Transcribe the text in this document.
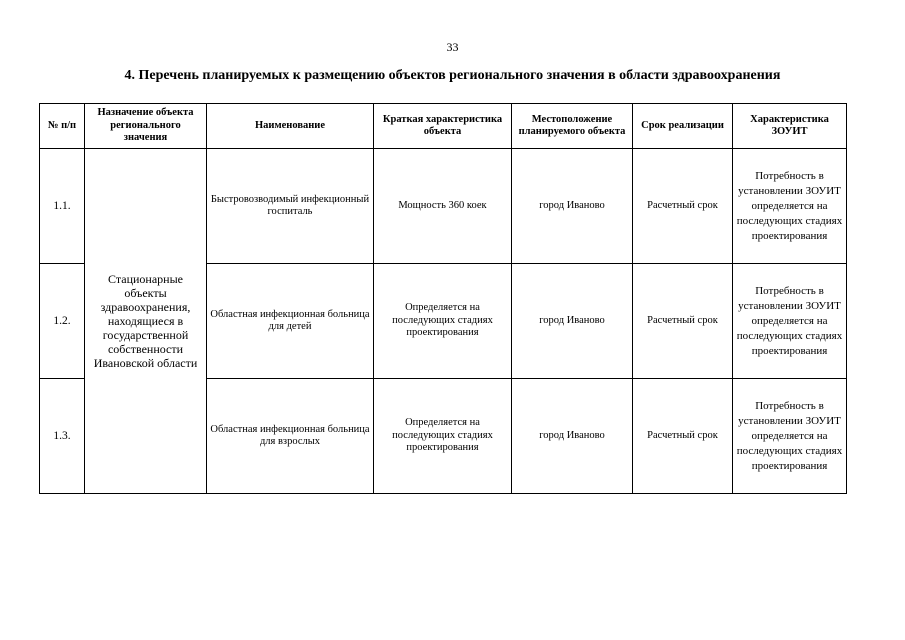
33
4. Перечень планируемых к размещению объектов регионального значения в области здравоохранения
№ п/п	Назначение объекта регионального значения	Наименование	Краткая характеристика объекта	Местоположение планируемого объекта	Срок реализации	Характеристика ЗОУИТ
1.1.	Стационарные объекты здравоохранения, находящиеся в государственной собственности Ивановской области	Быстровозводимый инфекционный госпиталь	Мощность 360 коек	город Иваново	Расчетный срок	Потребность в установлении ЗОУИТ определяется на последующих стадиях проектирования
1.2.		Областная инфекционная больница для детей	Определяется на последующих стадиях проектирования	город Иваново	Расчетный срок	Потребность в установлении ЗОУИТ определяется на последующих стадиях проектирования
1.3.		Областная инфекционная больница для взрослых	Определяется на последующих стадиях проектирования	город Иваново	Расчетный срок	Потребность в установлении ЗОУИТ определяется на последующих стадиях проектирования
